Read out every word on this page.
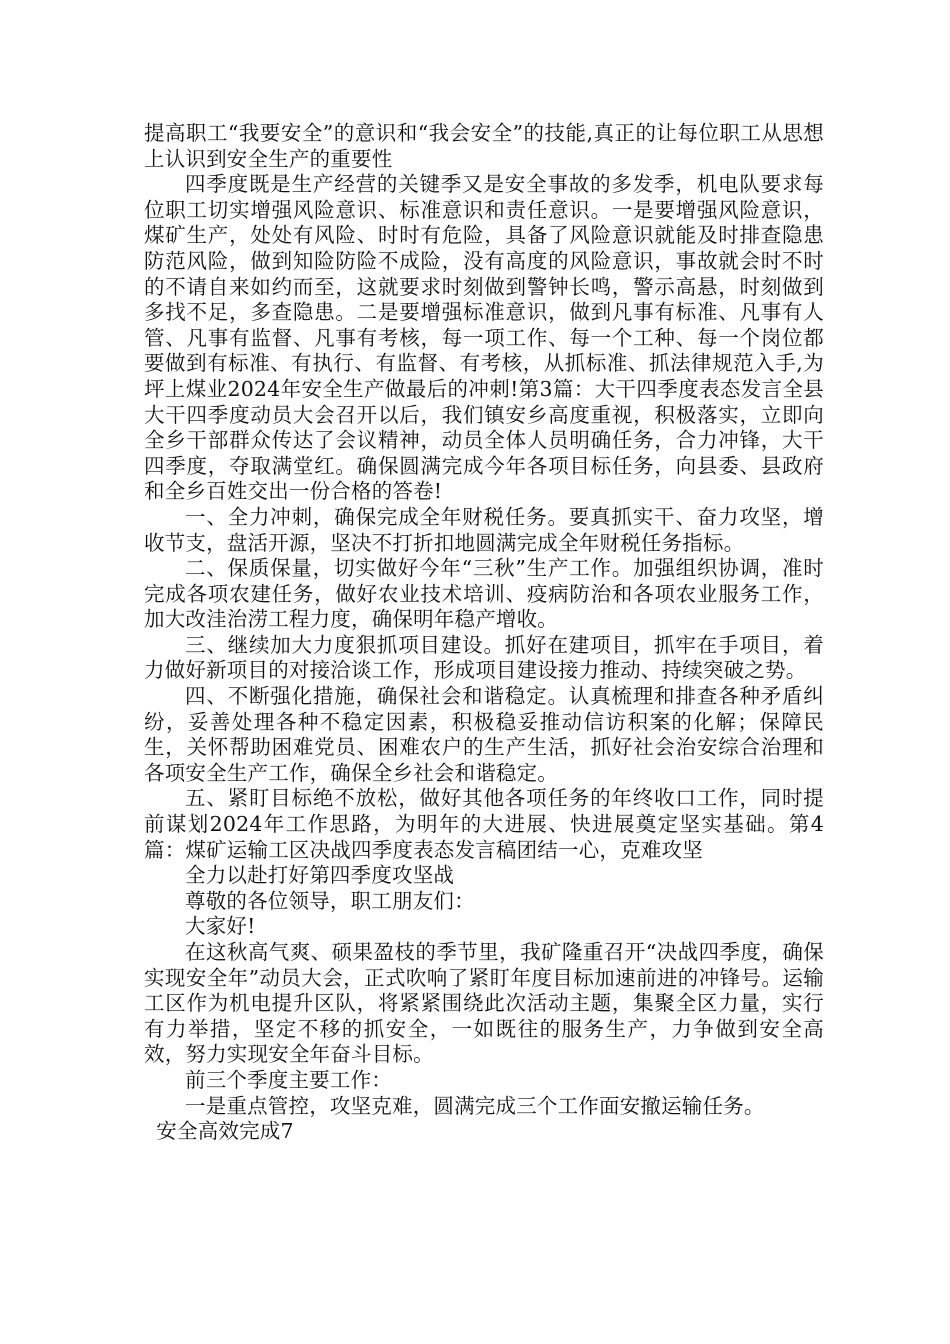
提高职工“我要安全”的意识和“我会安全”的技能,真正的让每位职工从思想上认识到安全生产的重要性

四季度既是生产经营的关键季又是安全事故的多发季，机电队要求每位职工切实增强风险意识、标准意识和责任意识。一是要增强风险意识，煤矿生产，处处有风险、时时有危险，具备了风险意识就能及时排查隐患防范风险，做到知险防险不成险，没有高度的风险意识，事故就会时不时的不请自来如约而至，这就要求时刻做到警钟长鸣，警示高悬，时刻做到多找不足，多查隐患。二是要增强标准意识，做到凡事有标准、凡事有人管、凡事有监督、凡事有考核，每一项工作、每一个工种、每一个岗位都要做到有标准、有执行、有监督、有考核，从抓标准、抓法律规范入手,为坪上煤业2024年安全生产做最后的冲刺!第3篇：大干四季度表态发言全县大干四季度动员大会召开以后，我们镇安乡高度重视，积极落实，立即向全乡干部群众传达了会议精神，动员全体人员明确任务，合力冲锋，大干四季度，夺取满堂红。确保圆满完成今年各项目标任务，向县委、县政府和全乡百姓交出一份合格的答卷!

一、全力冲刺，确保完成全年财税任务。要真抓实干、奋力攻坚，增收节支，盘活开源，坚决不打折扣地圆满完成全年财税任务指标。

二、保质保量，切实做好今年“三秋”生产工作。加强组织协调，准时完成各项农建任务，做好农业技术培训、疫病防治和各项农业服务工作，加大改洼治涝工程力度，确保明年稳产增收。

三、继续加大力度狠抓项目建设。抓好在建项目，抓牢在手项目，着力做好新项目的对接洽谈工作，形成项目建设接力推动、持续突破之势。

四、不断强化措施，确保社会和谐稳定。认真梳理和排查各种矛盾纠纷，妥善处理各种不稳定因素，积极稳妥推动信访积案的化解；保障民生，关怀帮助困难党员、困难农户的生产生活，抓好社会治安综合治理和各项安全生产工作，确保全乡社会和谐稳定。

五、紧盯目标绝不放松，做好其他各项任务的年终收口工作，同时提前谋划2024年工作思路，为明年的大进展、快进展奠定坚实基础。第4篇：煤矿运输工区决战四季度表态发言稿团结一心，克难攻坚

全力以赴打好第四季度攻坚战

尊敬的各位领导，职工朋友们：

大家好!

在这秋高气爽、硕果盈枝的季节里，我矿隆重召开“决战四季度，确保实现安全年”动员大会，正式吹响了紧盯年度目标加速前进的冲锋号。运输工区作为机电提升区队，将紧紧围绕此次活动主题，集聚全区力量，实行有力举措，坚定不移的抓安全，一如既往的服务生产，力争做到安全高效，努力实现安全年奋斗目标。

前三个季度主要工作：

一是重点管控，攻坚克难，圆满完成三个工作面安撤运输任务。

安全高效完成7
